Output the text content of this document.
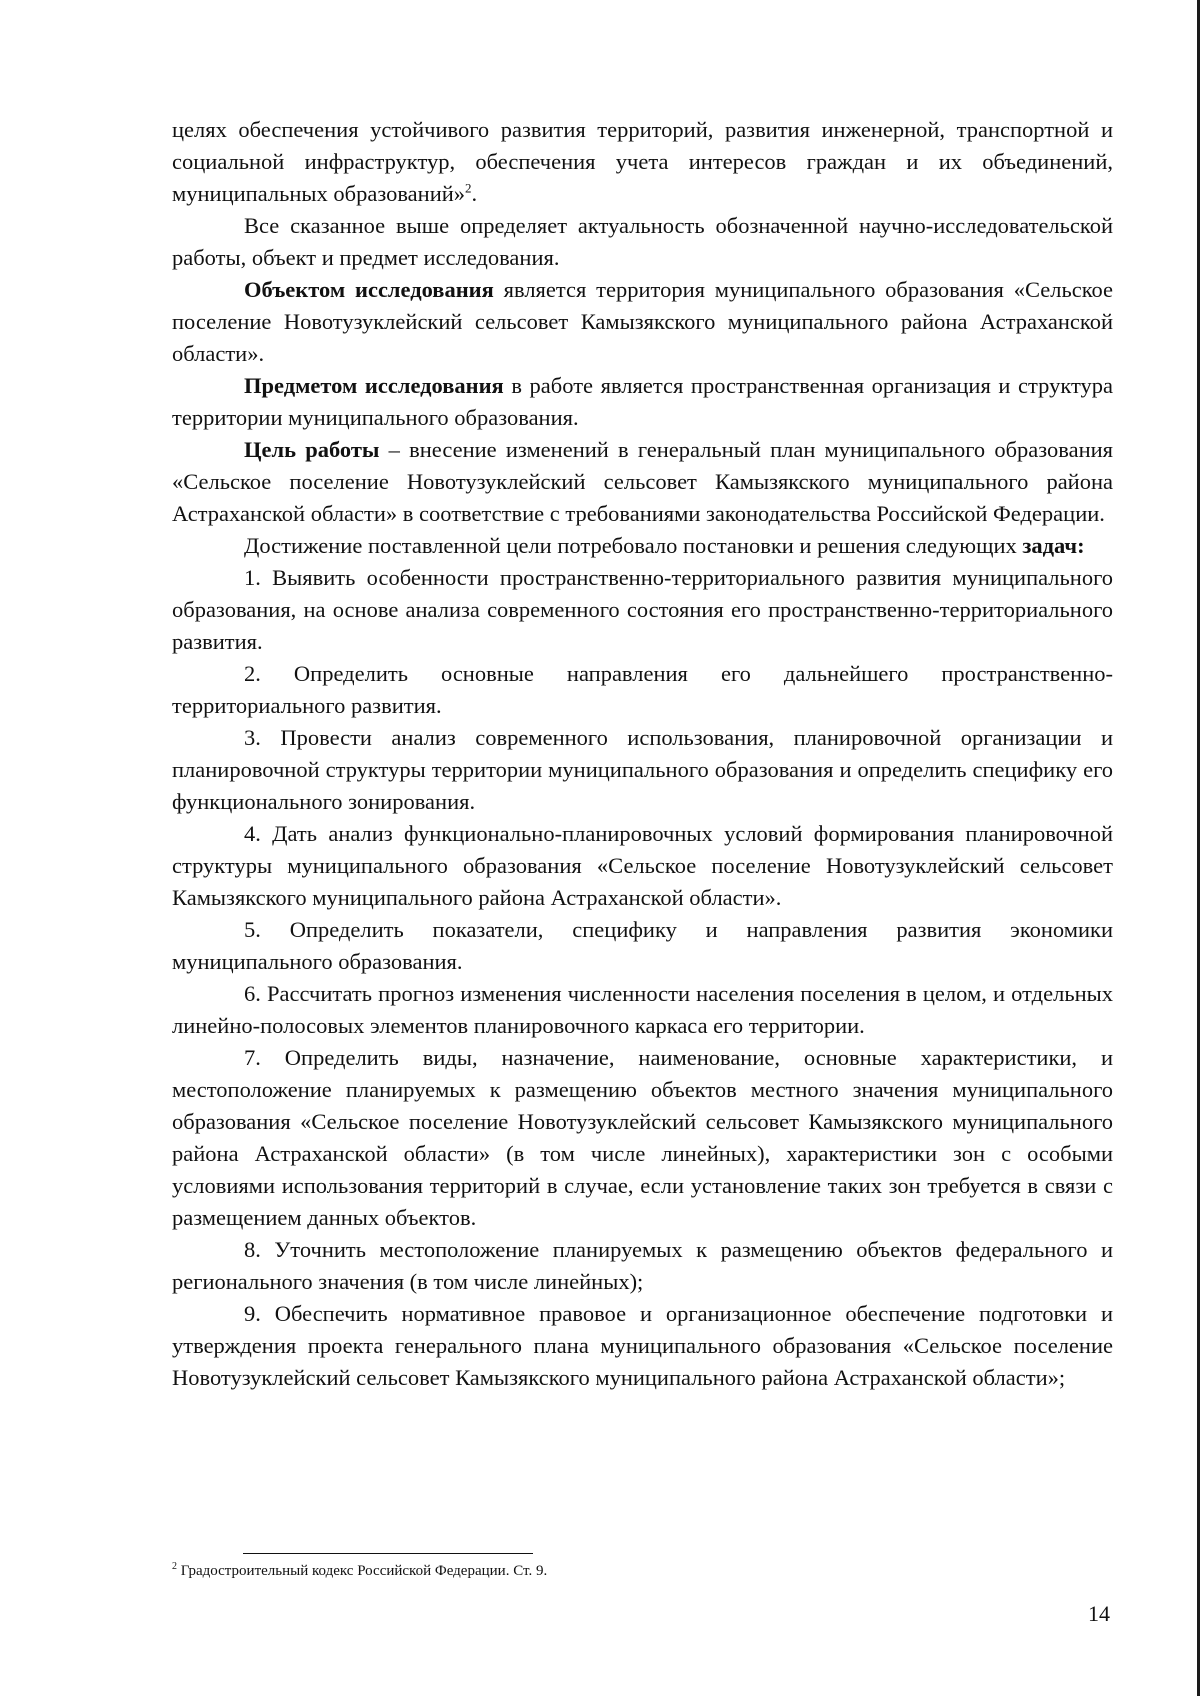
целях обеспечения устойчивого развития территорий, развития инженерной, транспортной и социальной инфраструктур, обеспечения учета интересов граждан и их объединений, муниципальных образований»$^2$.

Все сказанное выше определяет актуальность обозначенной научно-исследовательской работы, объект и предмет исследования.

Объектом исследования является территория муниципального образования «Сельское поселение Новотузуклейский сельсовет Камызякского муниципального района Астраханской области».

Предметом исследования в работе является пространственная организация и структура территории муниципального образования.

Цель работы – внесение изменений в генеральный план муниципального образования «Сельское поселение Новотузуклейский сельсовет Камызякского муниципального района Астраханской области» в соответствие с требованиями законодательства Российской Федерации.

Достижение поставленной цели потребовало постановки и решения следующих задач:

1. Выявить особенности пространственно-территориального развития муниципального образования, на основе анализа современного состояния его пространственно-территориального развития.

2. Определить основные направления его дальнейшего пространственно-территориального развития.

3. Провести анализ современного использования, планировочной организации и планировочной структуры территории муниципального образования и определить специфику его функционального зонирования.

4. Дать анализ функционально-планировочных условий формирования планировочной структуры муниципального образования «Сельское поселение Новотузуклейский сельсовет Камызякского муниципального района Астраханской области».

5. Определить показатели, специфику и направления развития экономики муниципального образования.

6. Рассчитать прогноз изменения численности населения поселения в целом, и отдельных линейно-полосовых элементов планировочного каркаса его территории.

7. Определить виды, назначение, наименование, основные характеристики, и местоположение планируемых к размещению объектов местного значения муниципального образования «Сельское поселение Новотузуклейский сельсовет Камызякского муниципального района Астраханской области» (в том числе линейных), характеристики зон с особыми условиями использования территорий в случае, если установление таких зон требуется в связи с размещением данных объектов.

8. Уточнить местоположение планируемых к размещению объектов федерального и регионального значения (в том числе линейных);

9. Обеспечить нормативное правовое и организационное обеспечение подготовки и утверждения проекта генерального плана муниципального образования «Сельское поселение Новотузуклейский сельсовет Камызякского муниципального района Астраханской области»;

$^2$ Градостроительный кодекс Российской Федерации. Ст. 9.
14
